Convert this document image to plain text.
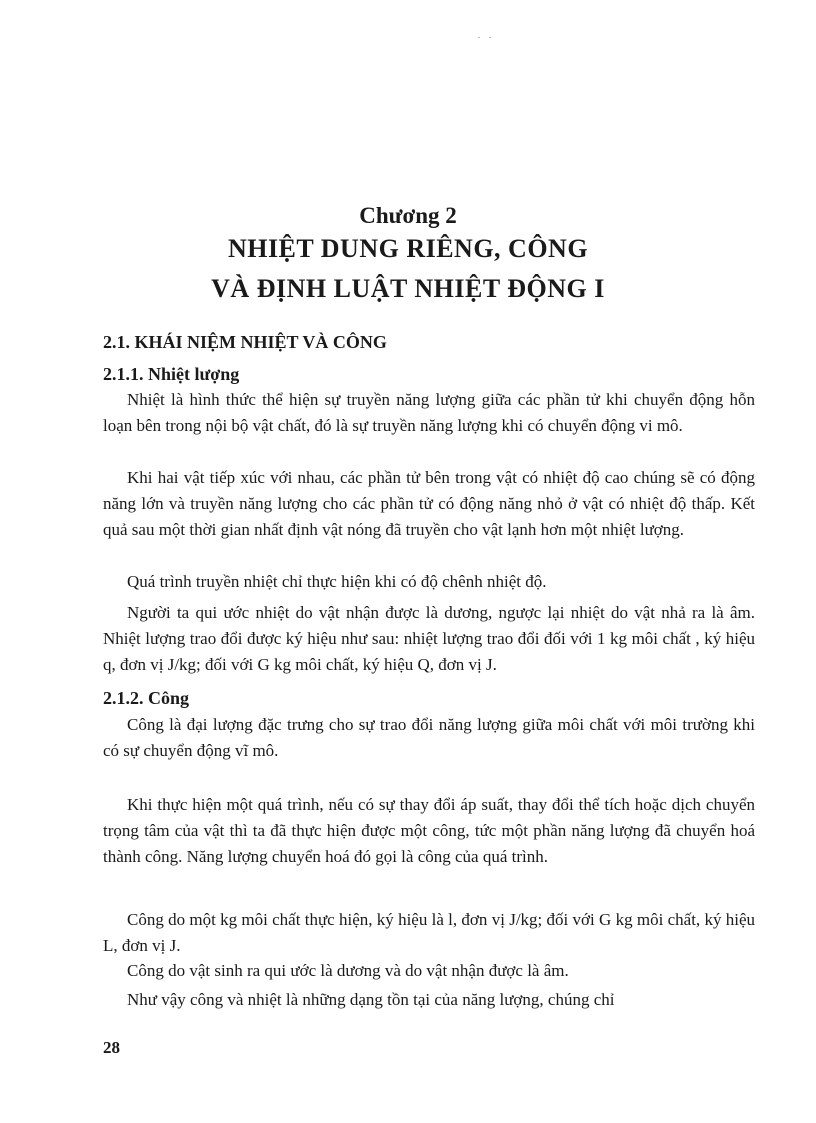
Chương 2
NHIỆT DUNG RIÊNG, CÔNG
VÀ ĐỊNH LUẬT NHIỆT ĐỘNG I
2.1. KHÁI NIỆM NHIỆT VÀ CÔNG
2.1.1. Nhiệt lượng

Nhiệt là hình thức thể hiện sự truyền năng lượng giữa các phần tử khi chuyển động hỗn loạn bên trong nội bộ vật chất, đó là sự truyền năng lượng khi có chuyển động vi mô.

Khi hai vật tiếp xúc với nhau, các phần tử bên trong vật có nhiệt độ cao chúng sẽ có động năng lớn và truyền năng lượng cho các phần tử có động năng nhỏ ở vật có nhiệt độ thấp. Kết quả sau một thời gian nhất định vật nóng đã truyền cho vật lạnh hơn một nhiệt lượng.

Quá trình truyền nhiệt chỉ thực hiện khi có độ chênh nhiệt độ.

Người ta qui ước nhiệt do vật nhận được là dương, ngược lại nhiệt do vật nhả ra là âm. Nhiệt lượng trao đổi được ký hiệu như sau: nhiệt lượng trao đổi đối với 1 kg môi chất , ký hiệu q, đơn vị J/kg; đối với G kg môi chất, ký hiệu Q, đơn vị J.

2.1.2. Công

Công là đại lượng đặc trưng cho sự trao đổi năng lượng giữa môi chất với môi trường khi có sự chuyển động vĩ mô.

Khi thực hiện một quá trình, nếu có sự thay đổi áp suất, thay đổi thể tích hoặc dịch chuyển trọng tâm của vật thì ta đã thực hiện được một công, tức một phần năng lượng đã chuyển hoá thành công. Năng lượng chuyển hoá đó gọi là công của quá trình.

Công do một kg môi chất thực hiện, ký hiệu là l, đơn vị J/kg; đối với G kg môi chất, ký hiệu L, đơn vị J.

Công do vật sinh ra qui ước là dương và do vật nhận được là âm.

Như vậy công và nhiệt là những dạng tồn tại của năng lượng, chúng chỉ

28
